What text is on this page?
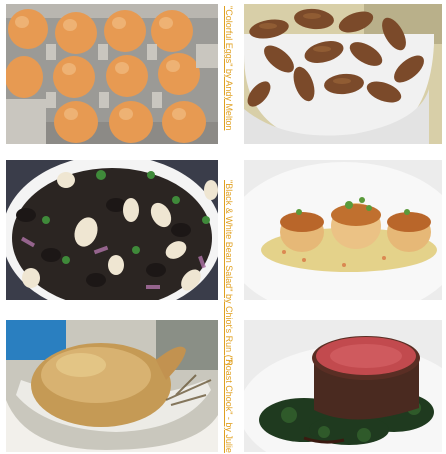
"Colorful Eggs" by Andy Melton
"Black & White Bean Salad" by Chiot's Run (?)
"Roast Chook" - by Julie
